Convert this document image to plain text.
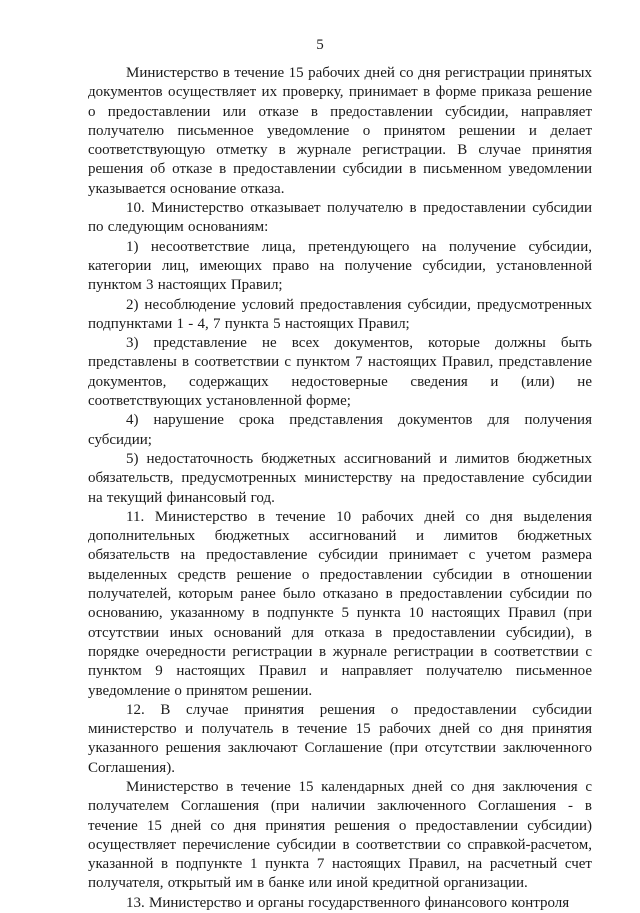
5

Министерство в течение 15 рабочих дней со дня регистрации принятых документов осуществляет их проверку, принимает в форме приказа решение о предоставлении или отказе в предоставлении субсидии, направляет получателю письменное уведомление о принятом решении и делает соответствующую отметку в журнале регистрации. В случае принятия решения об отказе в предоставлении субсидии в письменном уведомлении указывается основание отказа.

10. Министерство отказывает получателю в предоставлении субсидии по следующим основаниям:

1) несоответствие лица, претендующего на получение субсидии, категории лиц, имеющих право на получение субсидии, установленной пунктом 3 настоящих Правил;

2) несоблюдение условий предоставления субсидии, предусмотренных подпунктами 1 - 4, 7 пункта 5 настоящих Правил;

3) представление не всех документов, которые должны быть представлены в соответствии с пунктом 7 настоящих Правил, представление документов, содержащих недостоверные сведения и (или) не соответствующих установленной форме;

4) нарушение срока представления документов для получения субсидии;

5) недостаточность бюджетных ассигнований и лимитов бюджетных обязательств, предусмотренных министерству на предоставление субсидии на текущий финансовый год.

11. Министерство в течение 10 рабочих дней со дня выделения дополнительных бюджетных ассигнований и лимитов бюджетных обязательств на предоставление субсидии принимает с учетом размера выделенных средств решение о предоставлении субсидии в отношении получателей, которым ранее было отказано в предоставлении субсидии по основанию, указанному в подпункте 5 пункта 10 настоящих Правил (при отсутствии иных оснований для отказа в предоставлении субсидии), в порядке очередности регистрации в журнале регистрации в соответствии с пунктом 9 настоящих Правил и направляет получателю письменное уведомление о принятом решении.

12. В случае принятия решения о предоставлении субсидии министерство и получатель в течение 15 рабочих дней со дня принятия указанного решения заключают Соглашение (при отсутствии заключенного Соглашения).

Министерство в течение 15 календарных дней со дня заключения с получателем Соглашения (при наличии заключенного Соглашения - в течение 15 дней со дня принятия решения о предоставлении субсидии) осуществляет перечисление субсидии в соответствии со справкой-расчетом, указанной в подпункте 1 пункта 7 настоящих Правил, на расчетный счет получателя, открытый им в банке или иной кредитной организации.

13. Министерство и органы государственного финансового контроля
